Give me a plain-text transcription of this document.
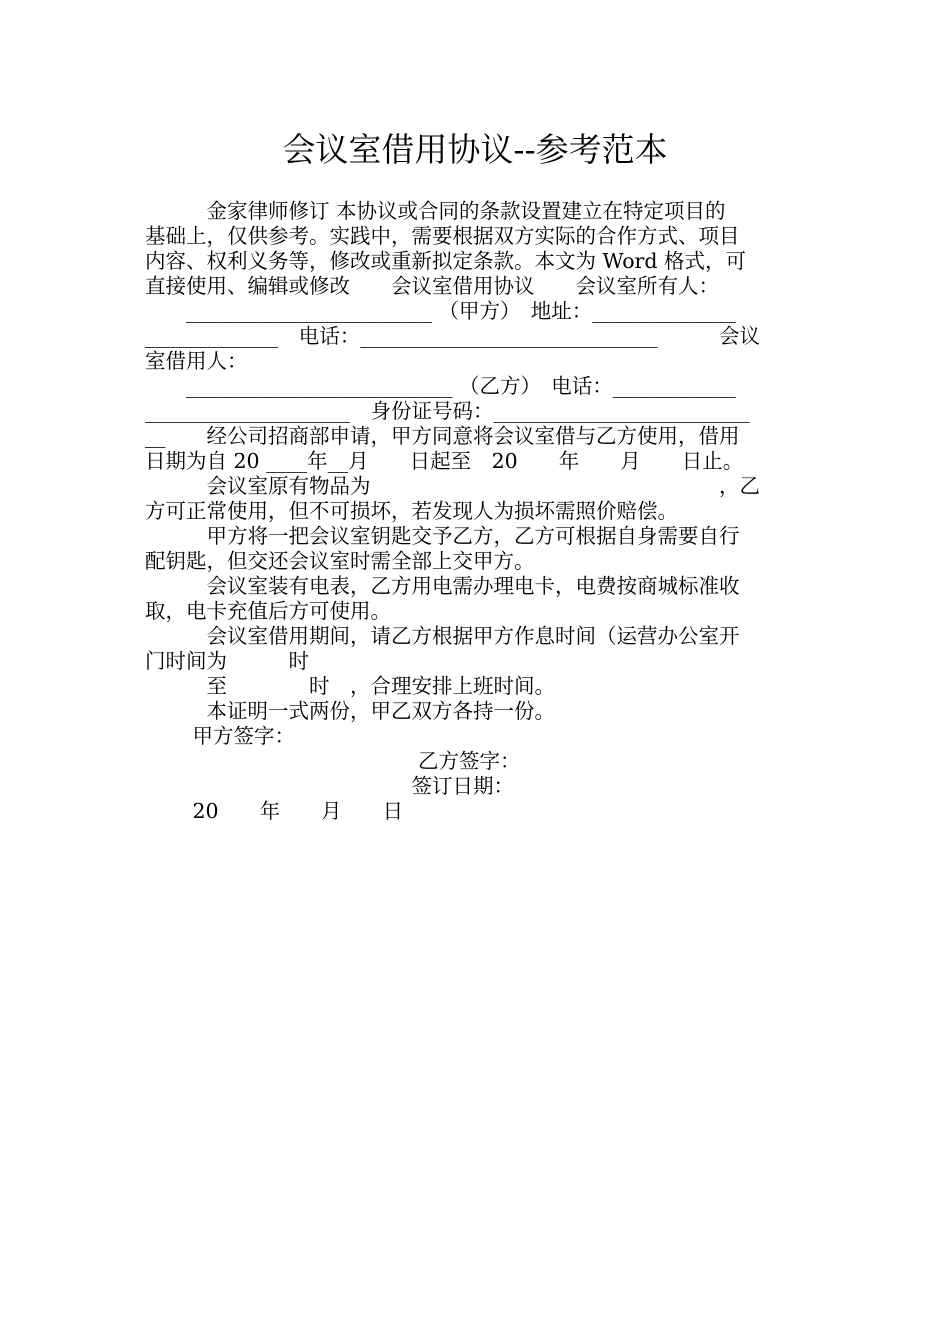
会议室借用协议--参考范本
　　　金家律师修订 本协议或合同的条款设置建立在特定项目的
基础上，仅供参考。实践中，需要根据双方实际的合作方式、项目
内容、权利义务等，修改或重新拟定条款。本文为 Word 格式，可
直接使用、编辑或修改　　会议室借用协议　　会议室所有人：
　　________________________ （甲方）　地址：______________
_____________　电话：_____________________________　　　会议
室借用人：
　　__________________________ （乙方）　电话：____________
____________________　身份证号码：_________________________
__　　经公司招商部申请，甲方同意将会议室借与乙方使用，借用
日期为自 20 ____年__月　　日起至　20　　年　　月　　日止。
　　　会议室原有物品为　　　　　　　　　　　　　　　　　，乙
方可正常使用，但不可损坏，若发现人为损坏需照价赔偿。
　　　甲方将一把会议室钥匙交予乙方，乙方可根据自身需要自行
配钥匙，但交还会议室时需全部上交甲方。
　　　会议室装有电表，乙方用电需办理电卡，电费按商城标准收
取，电卡充值后方可使用。
　　　会议室借用期间，请乙方根据甲方作息时间（运营办公室开
门时间为　　　时
　　　至　　　　时　，合理安排上班时间。
　　　本证明一式两份，甲乙双方各持一份。
　　 甲方签字：
　　　　　　　　　　　　　 乙方签字：
　　　　　　　　　　　　　签订日期：
　　 20　　年　　月　　日
